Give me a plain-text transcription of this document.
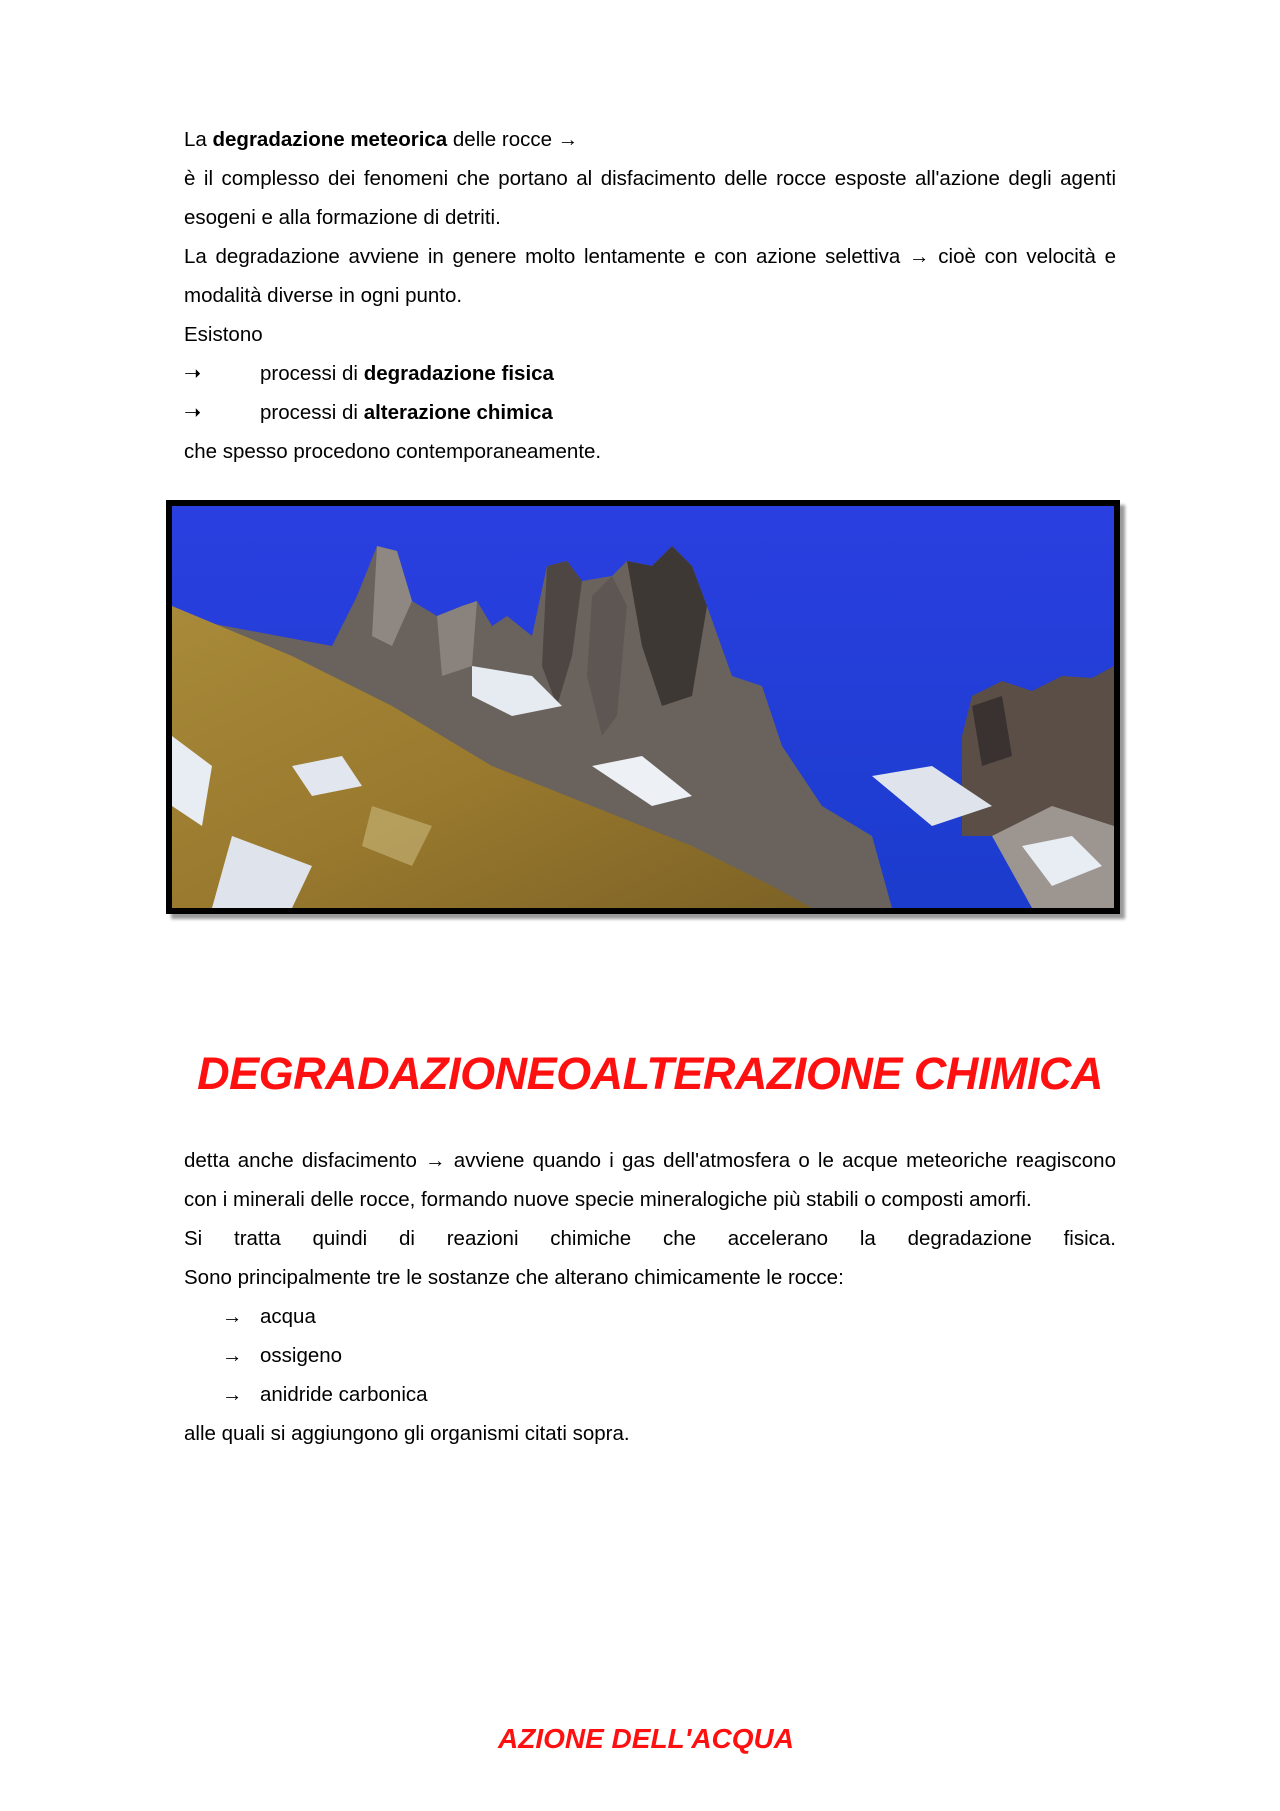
La degradazione meteorica delle rocce →

è il complesso dei fenomeni che portano al disfacimento delle rocce esposte all'azione degli agenti esogeni e alla formazione di detriti.

La degradazione avviene in genere molto lentamente e con azione selettiva → cioè con velocità e modalità diverse in ogni punto.

Esistono

➝	processi di degradazione fisica
➝	processi di alterazione chimica

che spesso procedono contemporaneamente.

DEGRADAZIONEOALTERAZIONE CHIMICA

detta anche disfacimento → avviene quando i gas dell'atmosfera o le acque meteoriche reagiscono con i minerali delle rocce, formando nuove specie mineralogiche più stabili o composti amorfi.

Si tratta quindi di reazioni chimiche che accelerano la degradazione fisica.

Sono principalmente tre le sostanze che alterano chimicamente le rocce:

→ acqua
→ ossigeno
→ anidride carbonica

alle quali si aggiungono gli organismi citati sopra.

AZIONE DELL'ACQUA
